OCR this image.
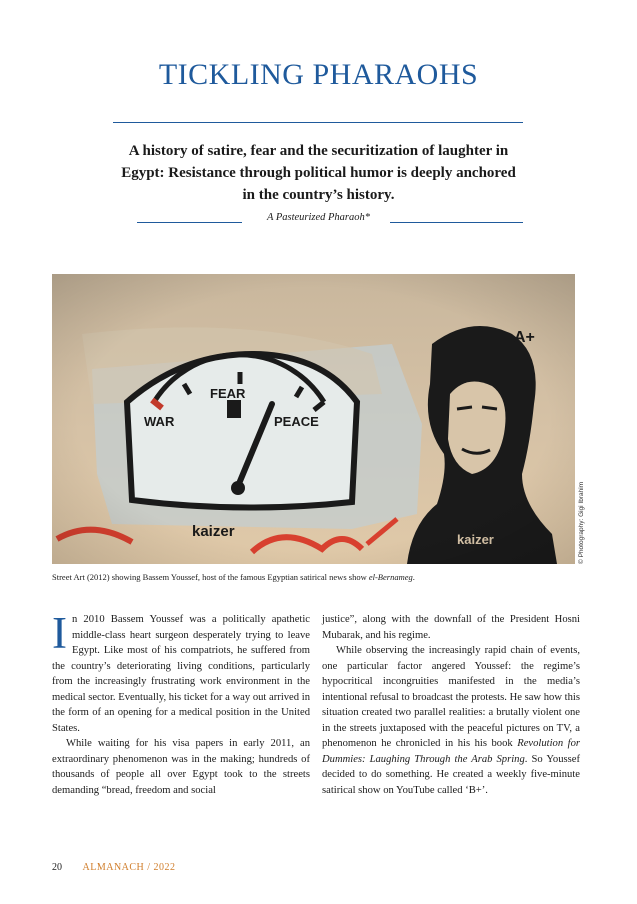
TICKLING PHARAOHS
A history of satire, fear and the securitization of laughter in Egypt: Resistance through political humor is deeply anchored in the country’s history.
A Pasteurized Pharaoh*
© Photography: Gigi Ibrahim
Street Art (2012) showing Bassem Youssef, host of the famous Egyptian satirical news show el-Bernameg.

In 2010 Bassem Youssef was a politically apathetic middle-class heart surgeon desperately trying to leave Egypt. Like most of his compatriots, he suffered from the country’s deteriorating living conditions, particularly from the increasingly frustrating work environment in the medical sector. Eventually, his ticket for a way out arrived in the form of an opening for a medical position in the United States.

While waiting for his visa papers in early 2011, an extraordinary phenomenon was in the making; hundreds of thousands of people all over Egypt took to the streets demanding “bread, freedom and social

justice”, along with the downfall of the President Hosni Mubarak, and his regime.

While observing the increasingly rapid chain of events, one particular factor angered Youssef: the regime’s hypocritical incongruities manifested in the media’s intentional refusal to broadcast the protests. He saw how this situation created two parallel realities: a brutally violent one in the streets juxtaposed with the peaceful pictures on TV, a phenomenon he chronicled in his his book Revolution for Dummies: Laughing Through the Arab Spring. So Youssef decided to do something. He created a weekly five-minute satirical show on YouTube called ‘B+’.

20 ALMANACH / 2022
